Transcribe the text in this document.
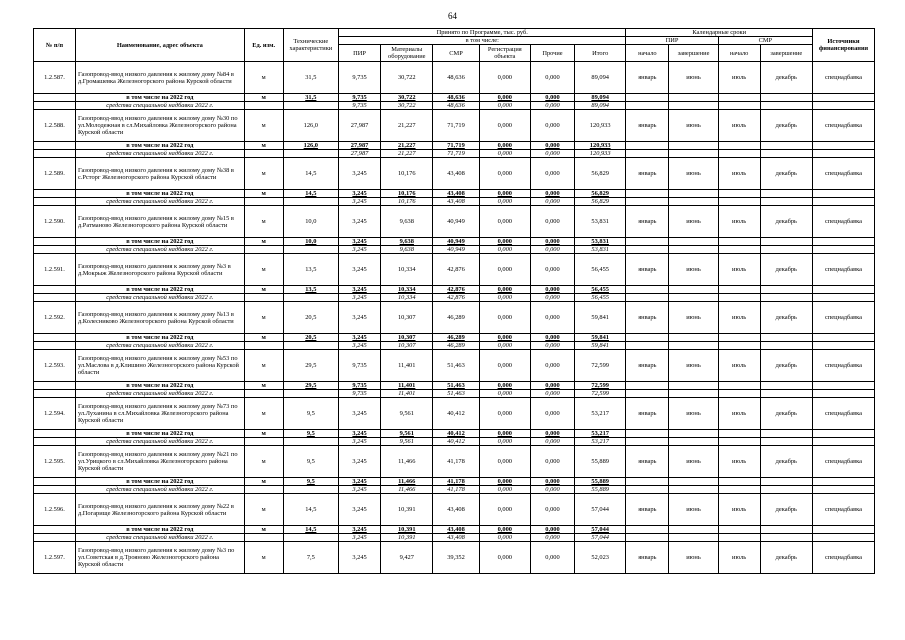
64
№ п/п	Наименование, адрес объекта	Ед. изм.	Технические характеристики	Принято по Программе, тыс. руб.						Календарные сроки				Источники финансирования
				в том числе:						ПИР		СМР		
				ПИР	Материалы оборудование	СМР	Регистрация объекта	Прочие	Итого	начало	завершение	начало	завершение	
1.2.587.	Газопровод-ввод низкого давления к жилому дому №84 в д.Громашевка Железногорского района Курской области	м	31,5	9,735	30,722	48,636	0,000	0,000	89,094	январь	июнь	июль	декабрь	спецнадбавка
	в том числе на 2022 год	м	31,5	9,735	30,722	48,636	0,000	0,000	89,094					
	средства специальной надбавки 2022 г.			9,735	30,722	48,636	0,000	0,000	89,094					
1.2.588.	Газопровод-ввод низкого давления к жилому дому №30 по ул.Молодежная в сл.Михайловка Железногорского района Курской области	м	126,0	27,987	21,227	71,719	0,000	0,000	120,933	январь	июнь	июль	декабрь	спецнадбавка
	в том числе на 2022 год	м	126,0	27,987	21,227	71,719	0,000	0,000	120,933					
	средства специальной надбавки 2022 г.			27,987	21,227	71,719	0,000	0,000	120,933					
1.2.589.	Газопровод-ввод низкого давления к жилому дому №38 в с.Рсторг Железногорского района Курской области	м	14,5	3,245	10,176	43,408	0,000	0,000	56,829	январь	июнь	июль	декабрь	спецнадбавка
	в том числе на 2022 год	м	14,5	3,245	10,176	43,408	0,000	0,000	56,829					
	средства специальной надбавки 2022 г.			3,245	10,176	43,408	0,000	0,000	56,829					
1.2.590.	Газопровод-ввод низкого давления к жилому дому №15 в д.Ратманово Железногорского района Курской области	м	10,0	3,245	9,638	40,949	0,000	0,000	53,831	январь	июнь	июль	декабрь	спецнадбавка
	в том числе на 2022 год	м	10,0	3,245	9,638	40,949	0,000	0,000	53,831					
	средства специальной надбавки 2022 г.			3,245	9,638	40,949	0,000	0,000	53,831					
1.2.591.	Газопровод-ввод низкого давления к жилому дому №3 в д.Мокрыж Железногорского района Курской области	м	13,5	3,245	10,334	42,876	0,000	0,000	56,455	январь	июнь	июль	декабрь	спецнадбавка
	в том числе на 2022 год	м	13,5	3,245	10,334	42,876	0,000	0,000	56,455					
	средства специальной надбавки 2022 г.			3,245	10,334	42,876	0,000	0,000	56,455					
1.2.592.	Газопровод-ввод низкого давления к жилому дому №13 в д.Колесниково Железногорского района Курской области	м	20,5	3,245	10,307	46,289	0,000	0,000	59,841	январь	июнь	июль	декабрь	спецнадбавка
	в том числе на 2022 год	м	20,5	3,245	10,307	46,289	0,000	0,000	59,841					
	средства специальной надбавки 2022 г.			3,245	10,307	46,289	0,000	0,000	59,841					
1.2.593.	Газопровод-ввод низкого давления к жилому дому №53 по ул.Маслова в д.Клишино Железногорского района Курской области	м	29,5	9,735	11,401	51,463	0,000	0,000	72,599	январь	июнь	июль	декабрь	спецнадбавка
	в том числе на 2022 год	м	29,5	9,735	11,401	51,463	0,000	0,000	72,599					
	средства специальной надбавки 2022 г.			9,735	11,401	51,463	0,000	0,000	72,599					
1.2.594.	Газопровод-ввод низкого давления к жилому дому №73 по ул.Луханина в сл.Михайловка Железногорского района Курской области	м	9,5	3,245	9,561	40,412	0,000	0,000	53,217	январь	июнь	июль	декабрь	спецнадбавка
	в том числе на 2022 год	м	9,5	3,245	9,561	40,412	0,000	0,000	53,217					
	средства специальной надбавки 2022 г.			3,245	9,561	40,412	0,000	0,000	53,217					
1.2.595.	Газопровод-ввод низкого давления к жилому дому №21 по ул.Урицкого в сл.Михайловка Железногорского района Курской области	м	9,5	3,245	11,466	41,178	0,000	0,000	55,889	январь	июнь	июль	декабрь	спецнадбавка
	в том числе на 2022 год	м	9,5	3,245	11,466	41,178	0,000	0,000	55,889					
	средства специальной надбавки 2022 г.			3,245	11,466	41,178	0,000	0,000	55,889					
1.2.596.	Газопровод-ввод низкого давления к жилому дому №22 в д.Погарище Железногорского района Курской области	м	14,5	3,245	10,391	43,408	0,000	0,000	57,044	январь	июнь	июль	декабрь	спецнадбавка
	в том числе на 2022 год	м	14,5	3,245	10,391	43,408	0,000	0,000	57,044					
	средства специальной надбавки 2022 г.			3,245	10,391	43,408	0,000	0,000	57,044					
1.2.597.	Газопровод-ввод низкого давления к жилому дому №3 по ул.Советская в д.Трояново Железногорского района Курской области	м	7,5	3,245	9,427	39,352	0,000	0,000	52,023	январь	июнь	июль	декабрь	спецнадбавка
